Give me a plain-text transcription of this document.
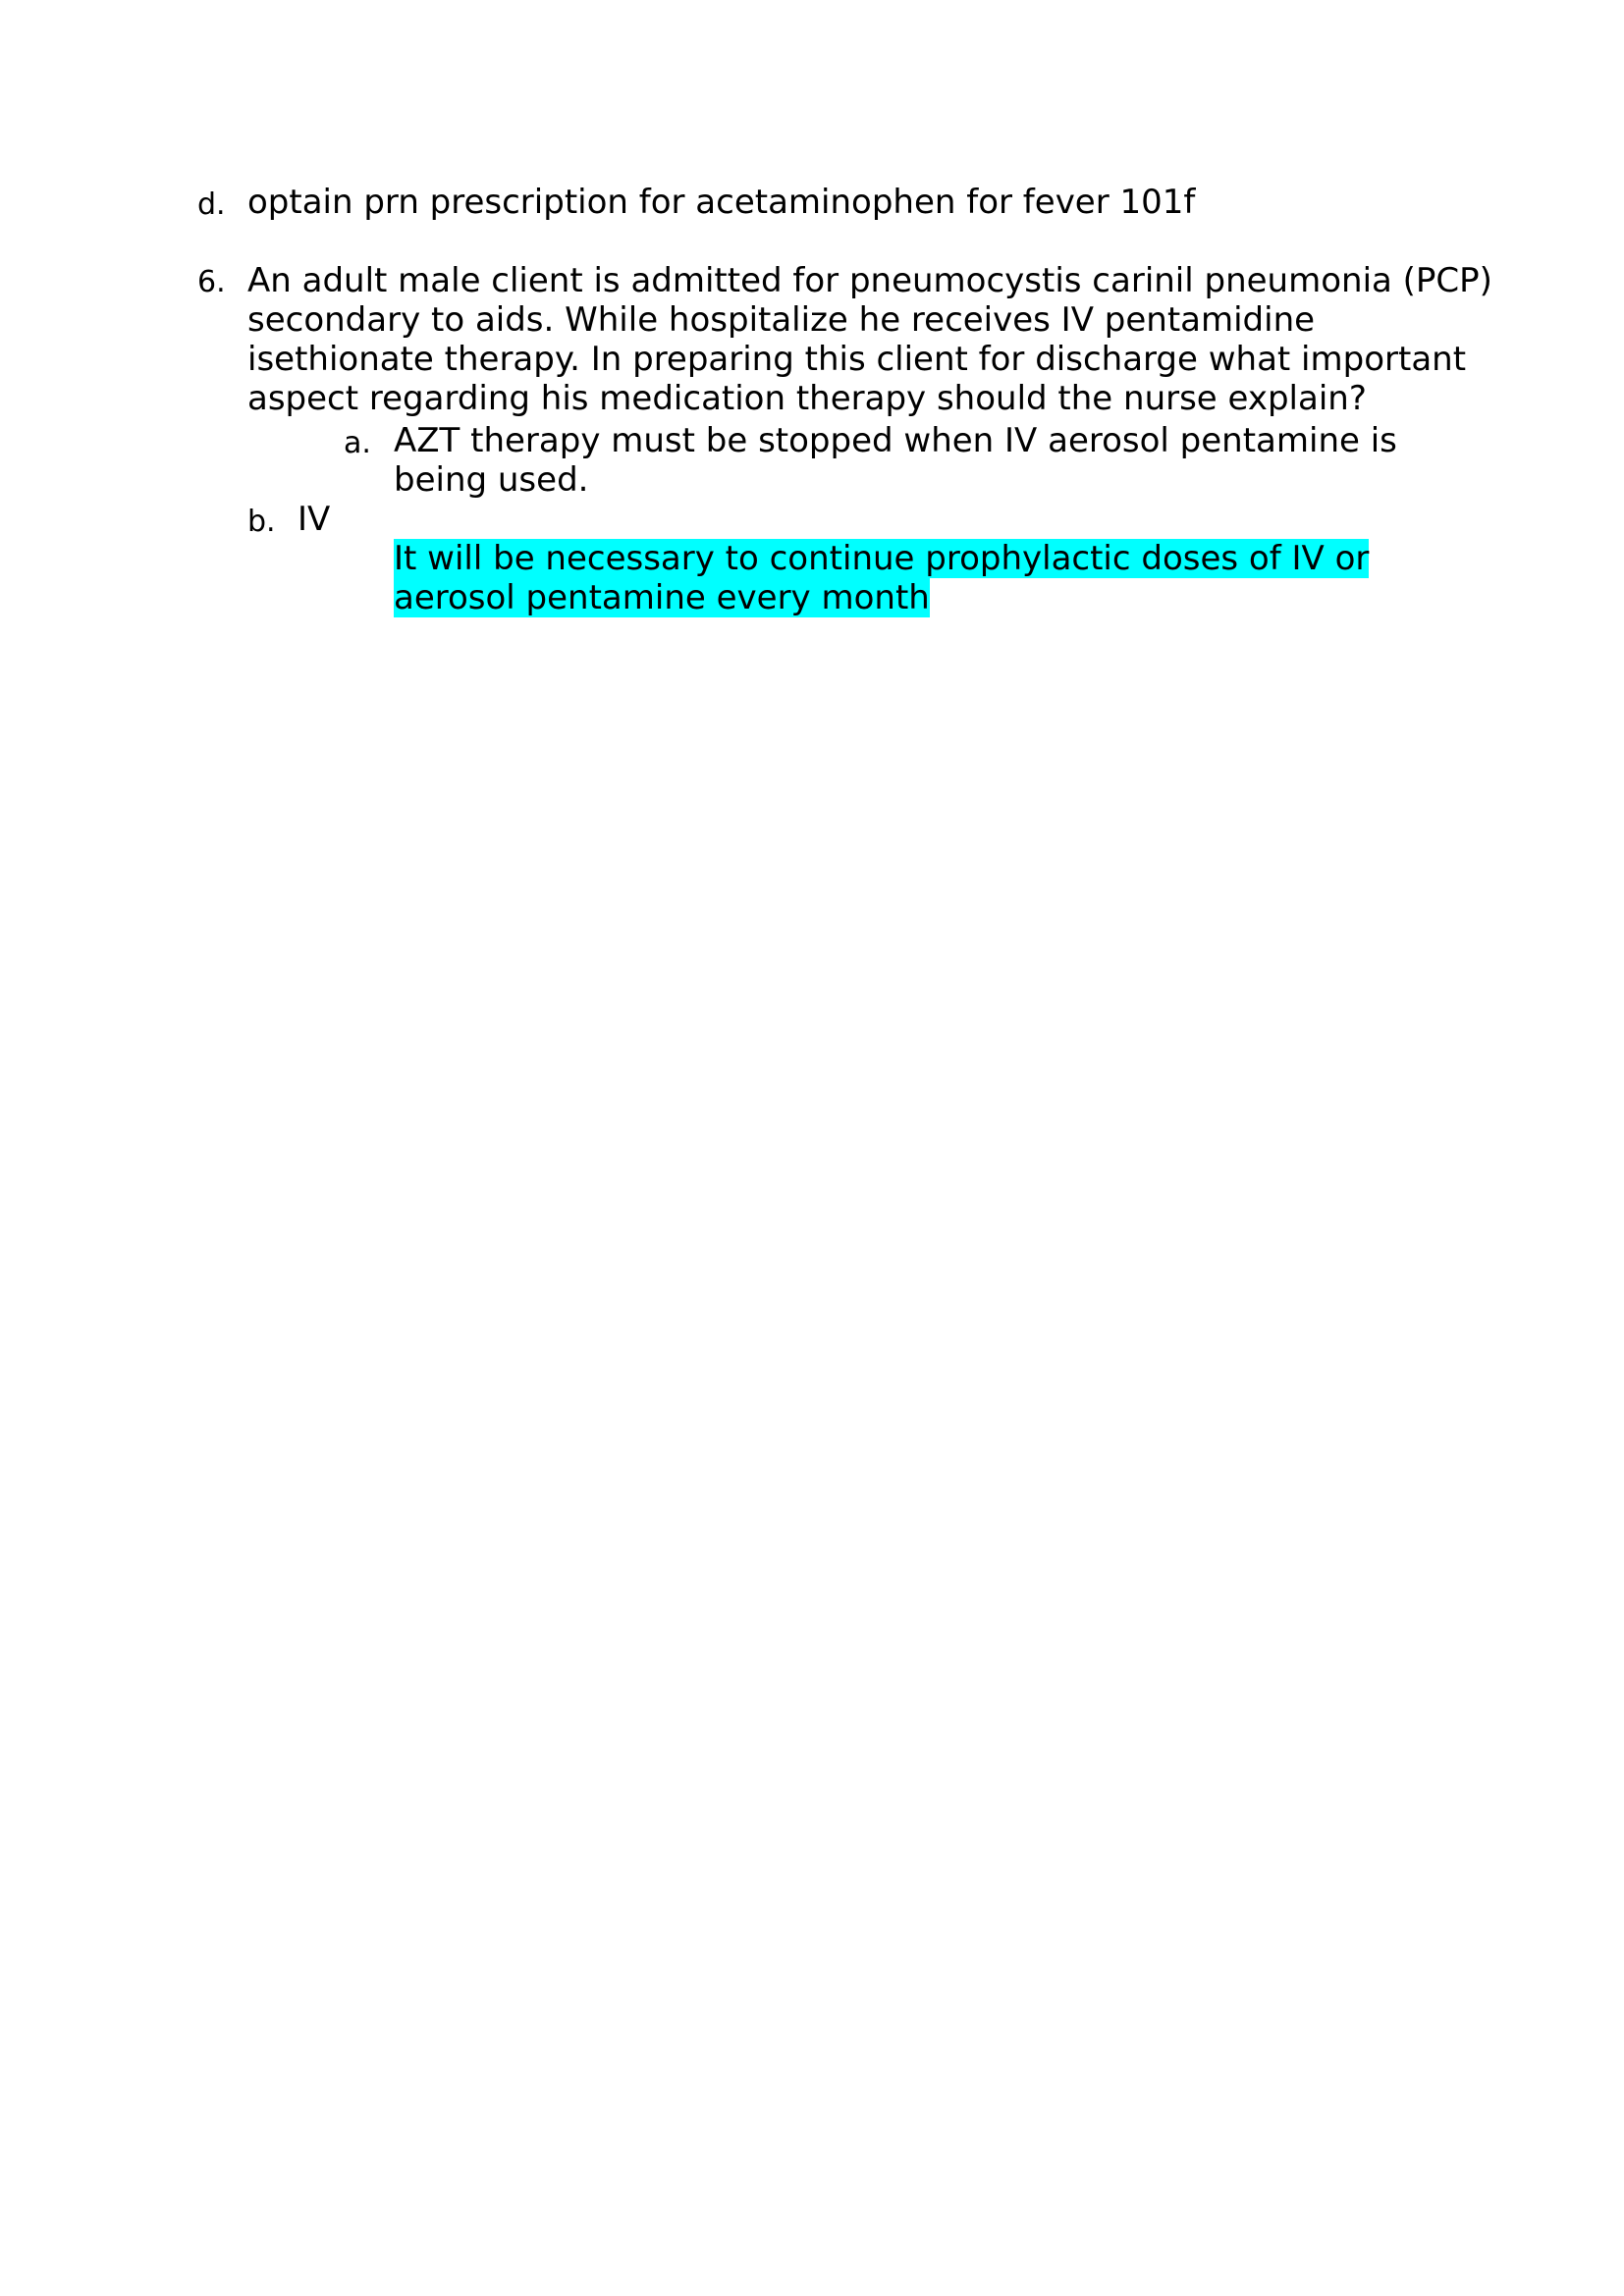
d. optain prn prescription for acetaminophen for fever 101f
6. An adult male client is admitted for pneumocystis carinil pneumonia (PCP)
secondary to aids. While hospitalize he receives IV pentamidine
isethionate therapy. In preparing this client for discharge what important
aspect regarding his medication therapy should the nurse explain?
a. AZT therapy must be stopped when IV aerosol pentamine is
being used.
b. IV
It will be necessary to continue prophylactic doses of IV or
aerosol pentamine every month
